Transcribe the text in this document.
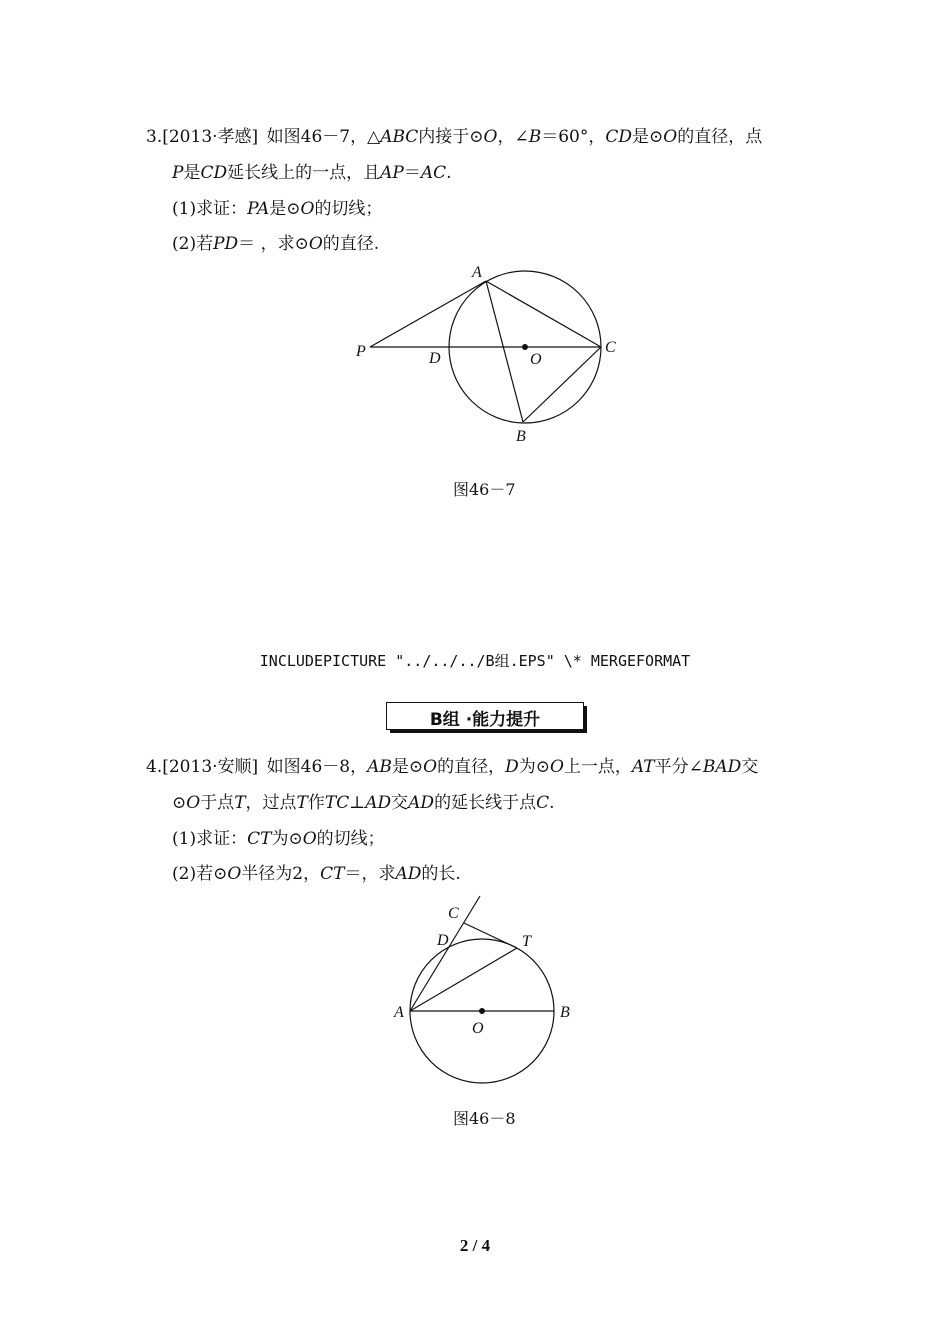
3.[2013·孝感]  如图46－7，△ABC内接于⊙O，∠B＝60°，CD是⊙O的直径，点
P是CD延长线上的一点，且AP＝AC.
(1)求证：PA是⊙O的切线；
(2)若PD＝ ，求⊙O的直径.
A
P	D	O
C
B
图46－7
INCLUDEPICTURE "../../../B组.EPS" \* MERGEFORMAT
B组 ·能力提升
4.[2013·安顺]  如图46－8，AB是⊙O的直径，D为⊙O上一点，AT平分∠BAD交
⊙O于点T，过点T作TC⊥AD交AD的延长线于点C.
(1)求证：CT为⊙O的切线；
(2)若⊙O半径为2，CT＝，求AD的长.
C
D	T
A
O
B
图46－8
2 / 4
